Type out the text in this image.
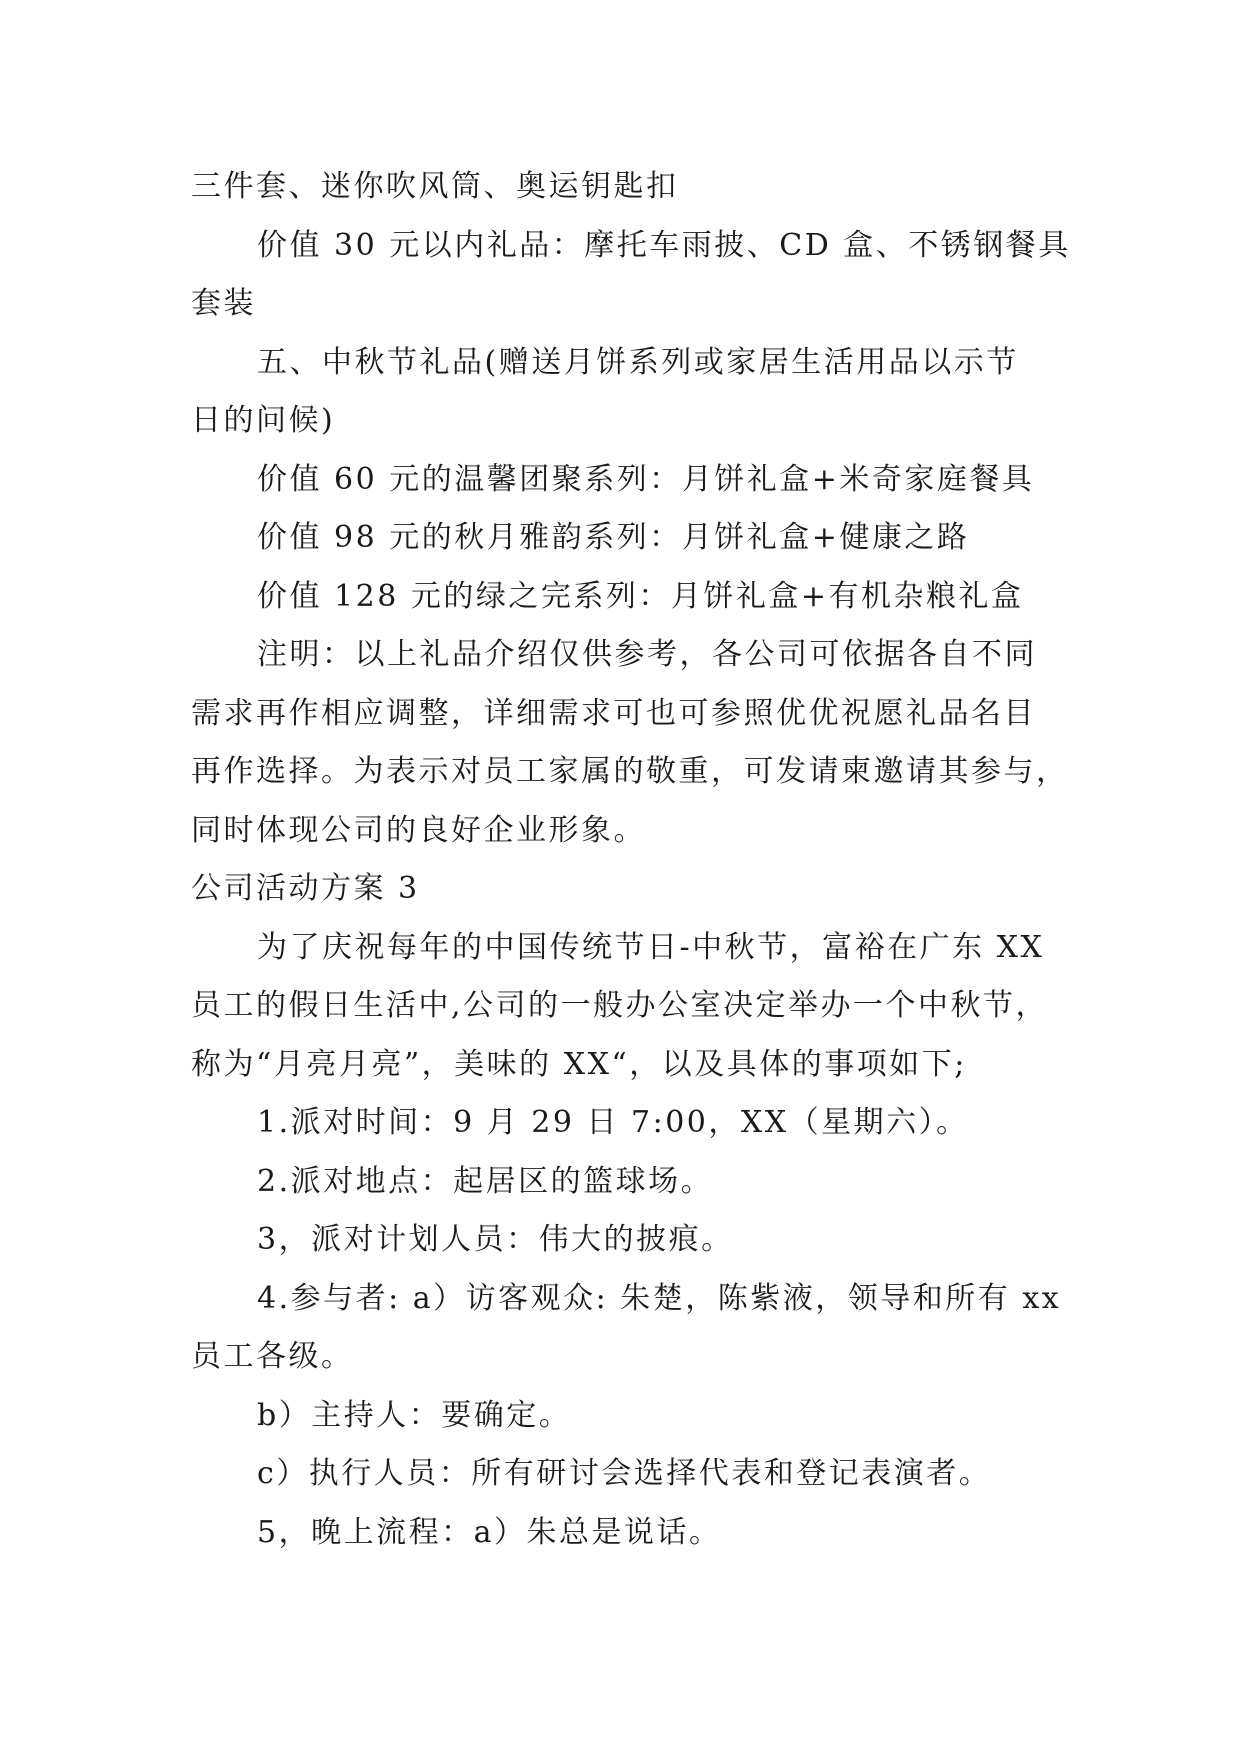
三件套、迷你吹风筒、奥运钥匙扣

价值 30 元以内礼品：摩托车雨披、CD 盒、不锈钢餐具

套装

五、中秋节礼品(赠送月饼系列或家居生活用品以示节

日的问候)

价值 60 元的温馨团聚系列：月饼礼盒+米奇家庭餐具

价值 98 元的秋月雅韵系列：月饼礼盒+健康之路

价值 128 元的绿之完系列：月饼礼盒+有机杂粮礼盒

注明：以上礼品介绍仅供参考，各公司可依据各自不同

需求再作相应调整，详细需求可也可参照优优祝愿礼品名目

再作选择。为表示对员工家属的敬重，可发请柬邀请其参与，

同时体现公司的良好企业形象。

公司活动方案 3

为了庆祝每年的中国传统节日-中秋节，富裕在广东 XX

员工的假日生活中,公司的一般办公室决定举办一个中秋节，

称为“月亮月亮”，美味的 XX“，以及具体的事项如下;

1.派对时间：9 月 29 日 7:00，XX（星期六）。

2.派对地点：起居区的篮球场。

3，派对计划人员：伟大的披痕。

4.参与者: a）访客观众: 朱楚，陈紫液，领导和所有 xx

员工各级。

b）主持人：要确定。

c）执行人员：所有研讨会选择代表和登记表演者。

5，晚上流程：a）朱总是说话。
